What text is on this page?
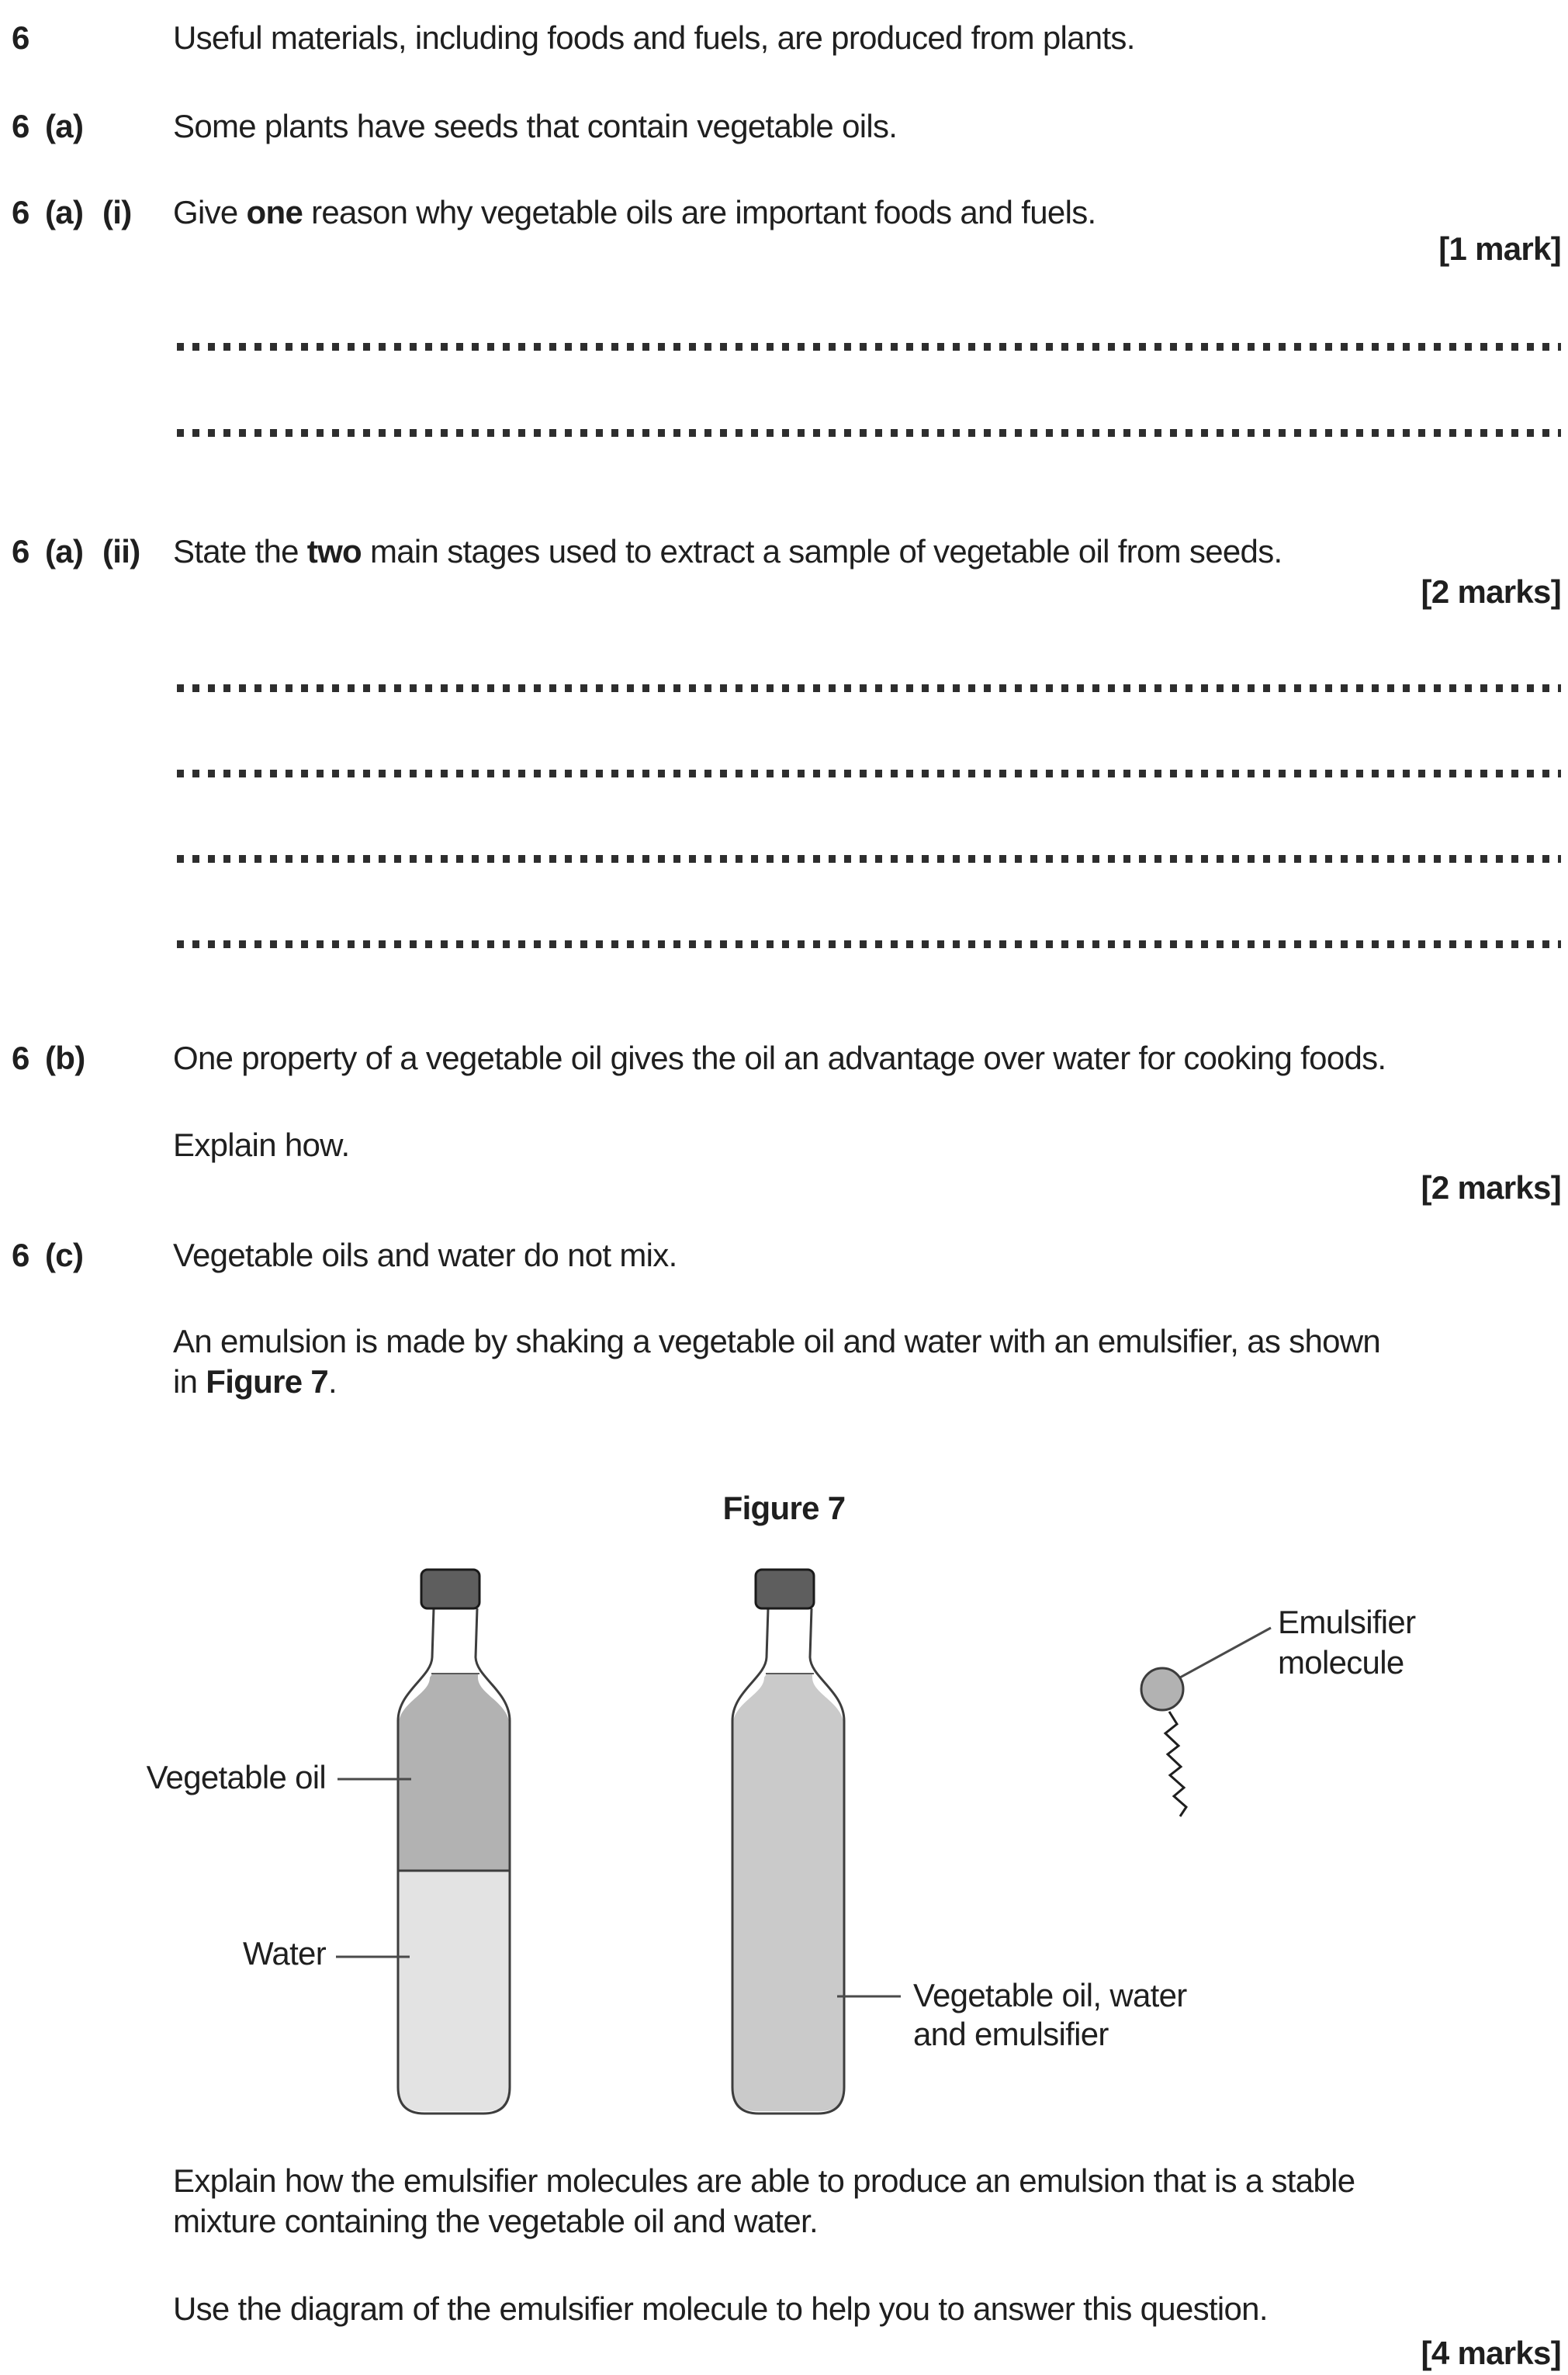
6	Useful materials, including foods and fuels, are produced from plants.
6 (a)	Some plants have seeds that contain vegetable oils.
6 (a) (i) Give one reason why vegetable oils are important foods and fuels.
[1 mark]
6 (a) (ii) State the two main stages used to extract a sample of vegetable oil from seeds.
[2 marks]
6 (b)	One property of a vegetable oil gives the oil an advantage over water for cooking foods.
Explain how.
[2 marks]
6 (c)	Vegetable oils and water do not mix.
An emulsion is made by shaking a vegetable oil and water with an emulsifier, as shown
in Figure 7.
Figure 7
Vegetable oil
Water
Vegetable oil, water
and emulsifier
Emulsifier
molecule
Explain how the emulsifier molecules are able to produce an emulsion that is a stable
mixture containing the vegetable oil and water.
Use the diagram of the emulsifier molecule to help you to answer this question.
[4 marks]
